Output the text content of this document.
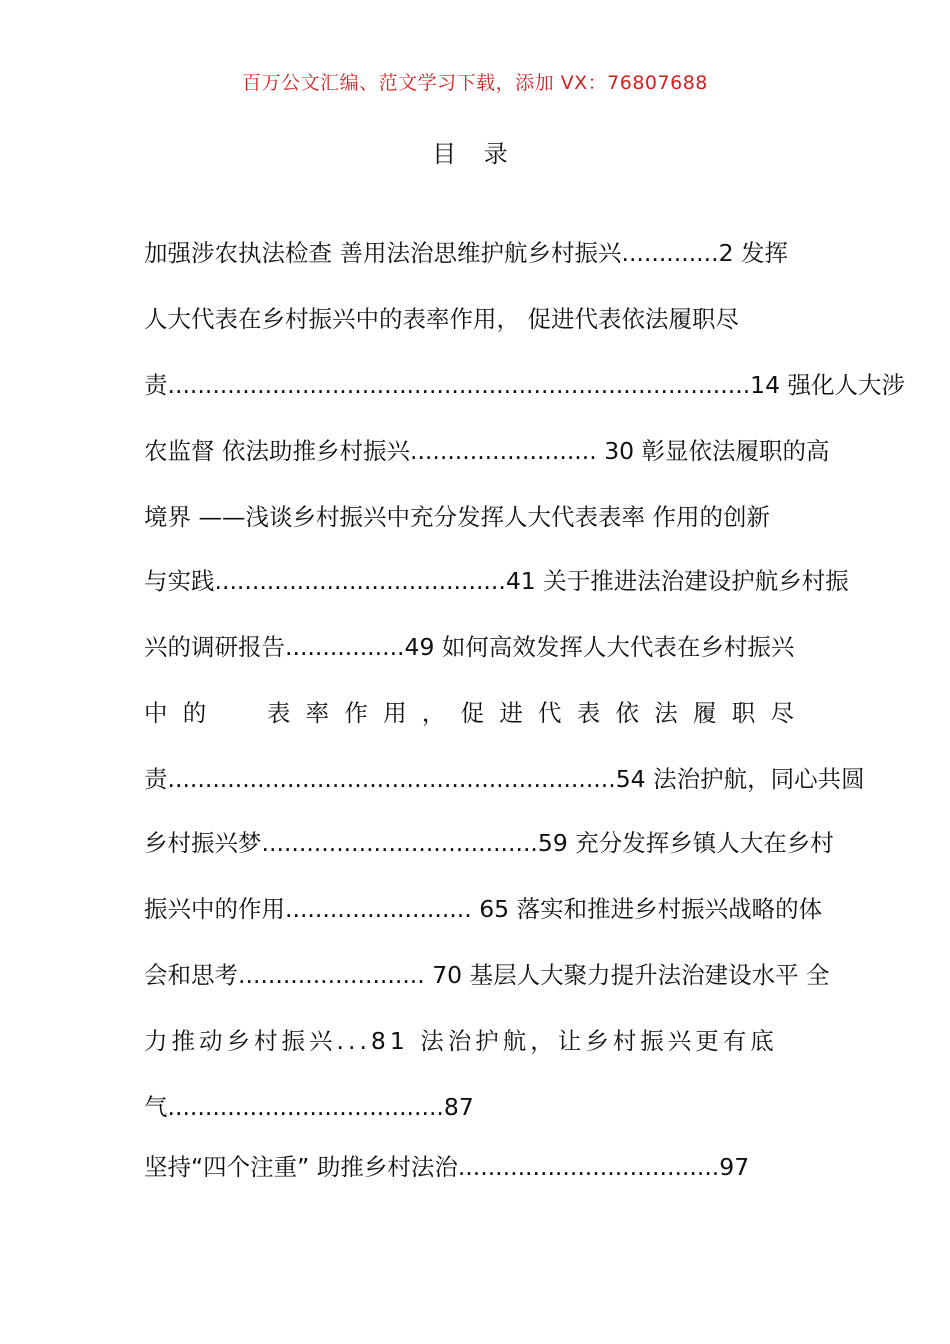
百万公文汇编、范文学习下载，添加 VX：76807688
目 录
加强涉农执法检查 善用法治思维护航乡村振兴.............2 发挥
人大代表在乡村振兴中的表率作用， 促进代表依法履职尽
责..............................................................................14 强化人大涉
农监督 依法助推乡村振兴......................... 30 彰显依法履职的高
境界 ——浅谈乡村振兴中充分发挥人大代表表率 作用的创新
与实践.......................................41 关于推进法治建设护航乡村振
兴的调研报告................49 如何高效发挥人大代表在乡村振兴
中 的

	表 率 作 用 ， 促 进 代 表 依 法 履 职 尽
责............................................................54 法治护航，同心共圆
乡村振兴梦.....................................59 充分发挥乡镇人大在乡村
振兴中的作用......................... 65 落实和推进乡村振兴战略的体
会和思考......................... 70 基层人大聚力提升法治建设水平 全
力推动乡村振兴...81 法治护航，让乡村振兴更有底
气.....................................87
坚持“四个注重” 助推乡村法治...................................97
